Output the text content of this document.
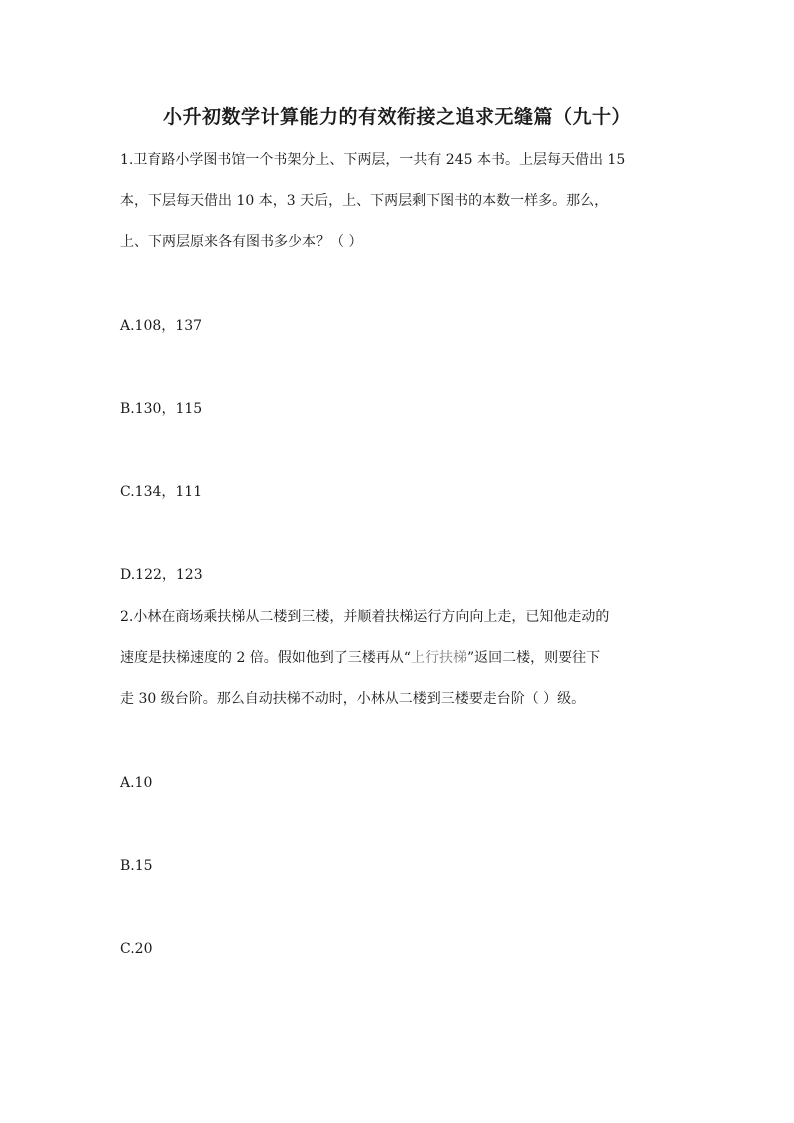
小升初数学计算能力的有效衔接之追求无缝篇（九十）
1.卫育路小学图书馆一个书架分上、下两层，一共有 245 本书。上层每天借出 15
本，下层每天借出 10 本，3 天后，上、下两层剩下图书的本数一样多。那么，
上、下两层原来各有图书多少本？（ ）
A.108，137
B.130，115
C.134，111
D.122，123
2.小林在商场乘扶梯从二楼到三楼，并顺着扶梯运行方向向上走，已知他走动的
速度是扶梯速度的 2 倍。假如他到了三楼再从“上行扶梯”返回二楼，则要往下
走 30 级台阶。那么自动扶梯不动时，小林从二楼到三楼要走台阶（ ）级。
A.10
B.15
C.20
